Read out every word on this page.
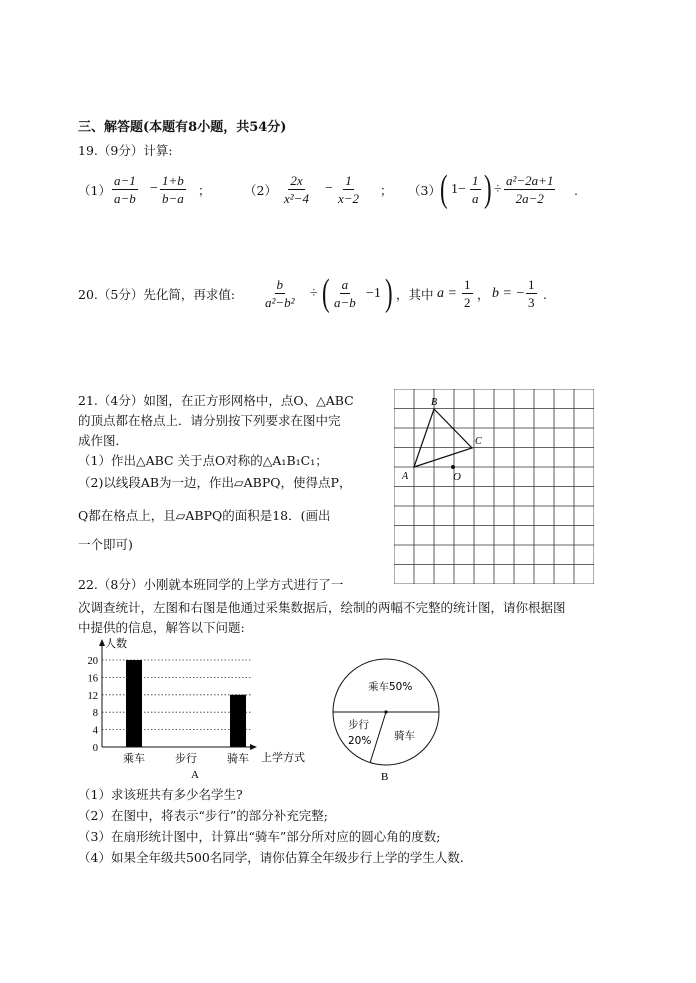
三、解答题(本题有8小题，共54分)
19.（9分）计算:
$(1) \frac{a-1}{a-b} - \frac{1+b}{b-a}$ ；	$(2) \frac{2x}{\text{x²−4}} - \frac{1}{x-2}$ ； （3） ( $1- \frac{1}{a}$ ) ÷ $\frac{\text{a²−2a+1}}{2a-2}$ .
20.（5分）先化简，再求值: $\frac{b}{\text{a²−b²}}$ ÷ ( $\frac{a}{a-b} -1$ ) ，其中 $a = \frac{1}{2}$ ， b = − $\frac{1}{3}$ .
21.（4分）如图，在正方形网格中，点O、△ABC
的顶点都在格点上．请分别按下列要求在图中完
成作图．
（1）作出△ABC 关于点O对称的△A₁B₁C₁；
（2)以线段AB为一边，作出▱ABPQ，使得点P，
Q都在格点上，且▱ABPQ的面积是18．(画出
一个即可)
A
B
C
O
22.（8分）小刚就本班同学的上学方式进行了一
次调查统计，左图和右图是他通过采集数据后，绘制的两幅不完整的统计图，请你根据图
中提供的信息，解答以下问题:
0
4
8
12
16
20
乘车	步行	骑车
人数
上学方式
A
乘车50%
步行
20% 骑车
B
（1）求该班共有多少名学生?
（2）在图中，将表示“步行”的部分补充完整;
（3）在扇形统计图中，计算出“骑车”部分所对应的圆心角的度数;
（4）如果全年级共500名同学，请你估算全年级步行上学的学生人数.
